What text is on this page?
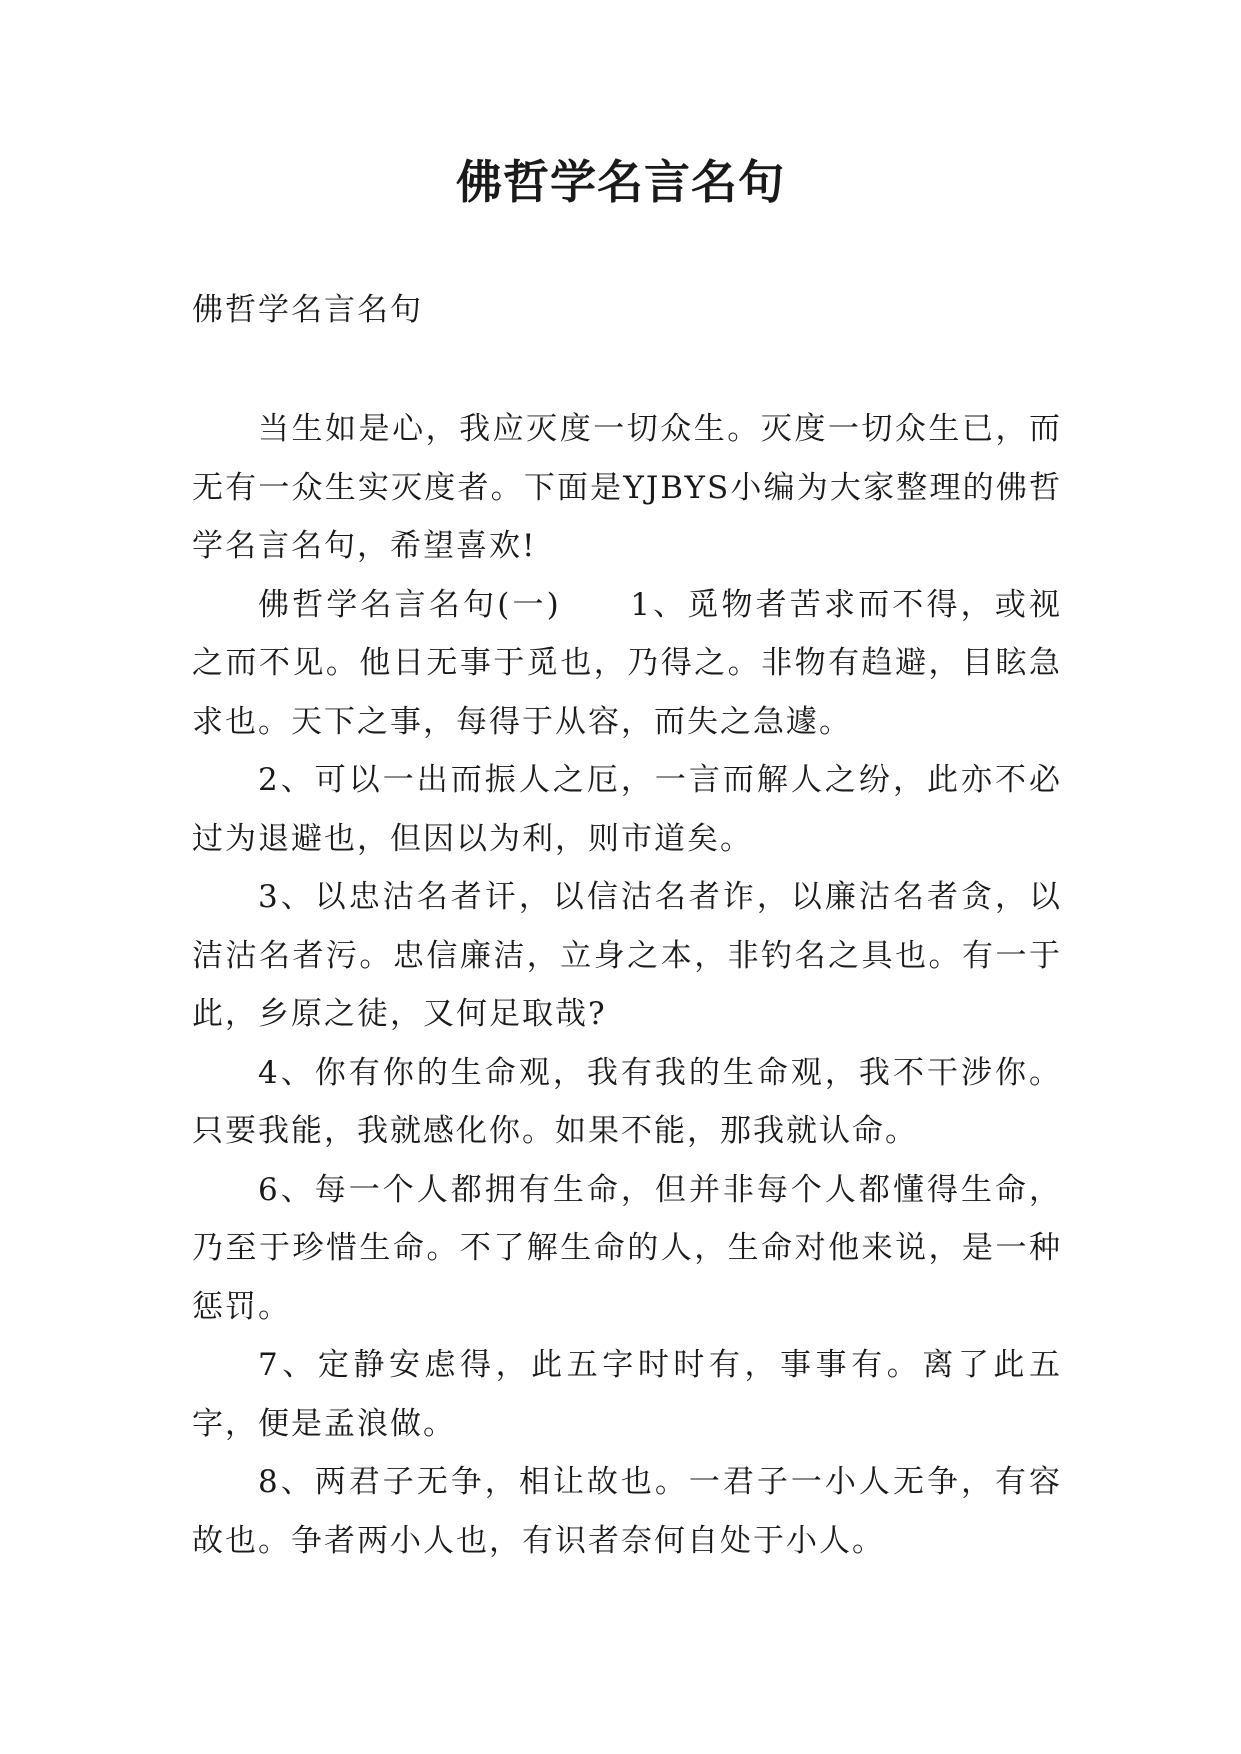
佛哲学名言名句

佛哲学名言名句

当生如是心，我应灭度一切众生。灭度一切众生已，而无有一众生实灭度者。下面是YJBYS小编为大家整理的佛哲学名言名句，希望喜欢!

佛哲学名言名句(一)　　1、觅物者苦求而不得，或视之而不见。他日无事于觅也，乃得之。非物有趋避，目眩急求也。天下之事，每得于从容，而失之急遽。

2、可以一出而振人之厄，一言而解人之纷，此亦不必过为退避也，但因以为利，则市道矣。

3、以忠沽名者讦，以信沽名者诈，以廉沽名者贪，以洁沽名者污。忠信廉洁，立身之本，非钓名之具也。有一于此，乡原之徒，又何足取哉?

4、你有你的生命观，我有我的生命观，我不干涉你。只要我能，我就感化你。如果不能，那我就认命。

6、每一个人都拥有生命，但并非每个人都懂得生命，乃至于珍惜生命。不了解生命的人，生命对他来说，是一种惩罚。

7、定静安虑得，此五字时时有，事事有。离了此五字，便是孟浪做。

8、两君子无争，相让故也。一君子一小人无争，有容故也。争者两小人也，有识者奈何自处于小人。
